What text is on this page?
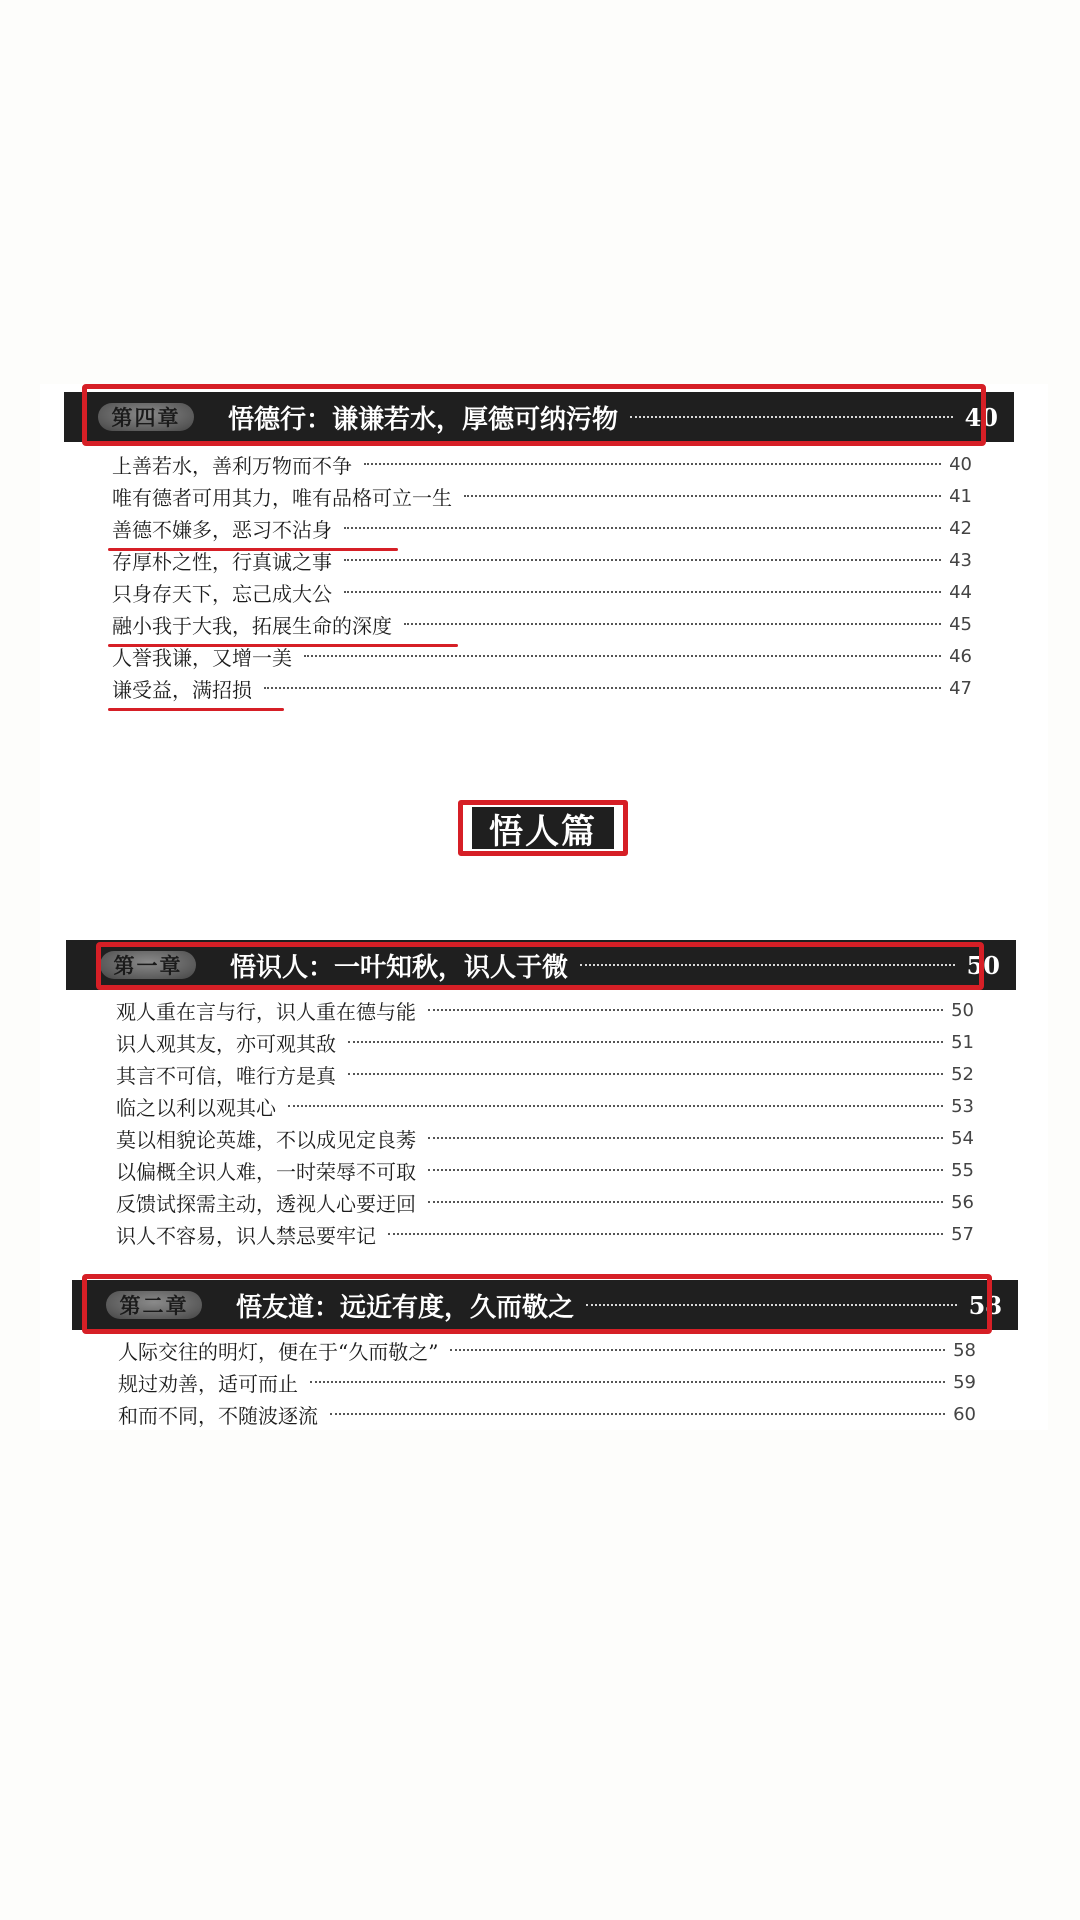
第四章	悟德行：谦谦若水，厚德可纳污物	40
上善若水，善利万物而不争	40
唯有德者可用其力，唯有品格可立一生	41
善德不嫌多，恶习不沾身	42
存厚朴之性，行真诚之事	43
只身存天下，忘己成大公	44
融小我于大我，拓展生命的深度	45
人誉我谦，又增一美	46
谦受益，满招损	47
悟人篇
第一章	悟识人：一叶知秋，识人于微	50
观人重在言与行，识人重在德与能	50
识人观其友，亦可观其敌	51
其言不可信，唯行方是真	52
临之以利以观其心	53
莫以相貌论英雄，不以成见定良莠	54
以偏概全识人难，一时荣辱不可取	55
反馈试探需主动，透视人心要迂回	56
识人不容易，识人禁忌要牢记	57
第二章	悟友道：远近有度，久而敬之	58
人际交往的明灯，便在于“久而敬之”	58
规过劝善，适可而止	59
和而不同，不随波逐流	60
